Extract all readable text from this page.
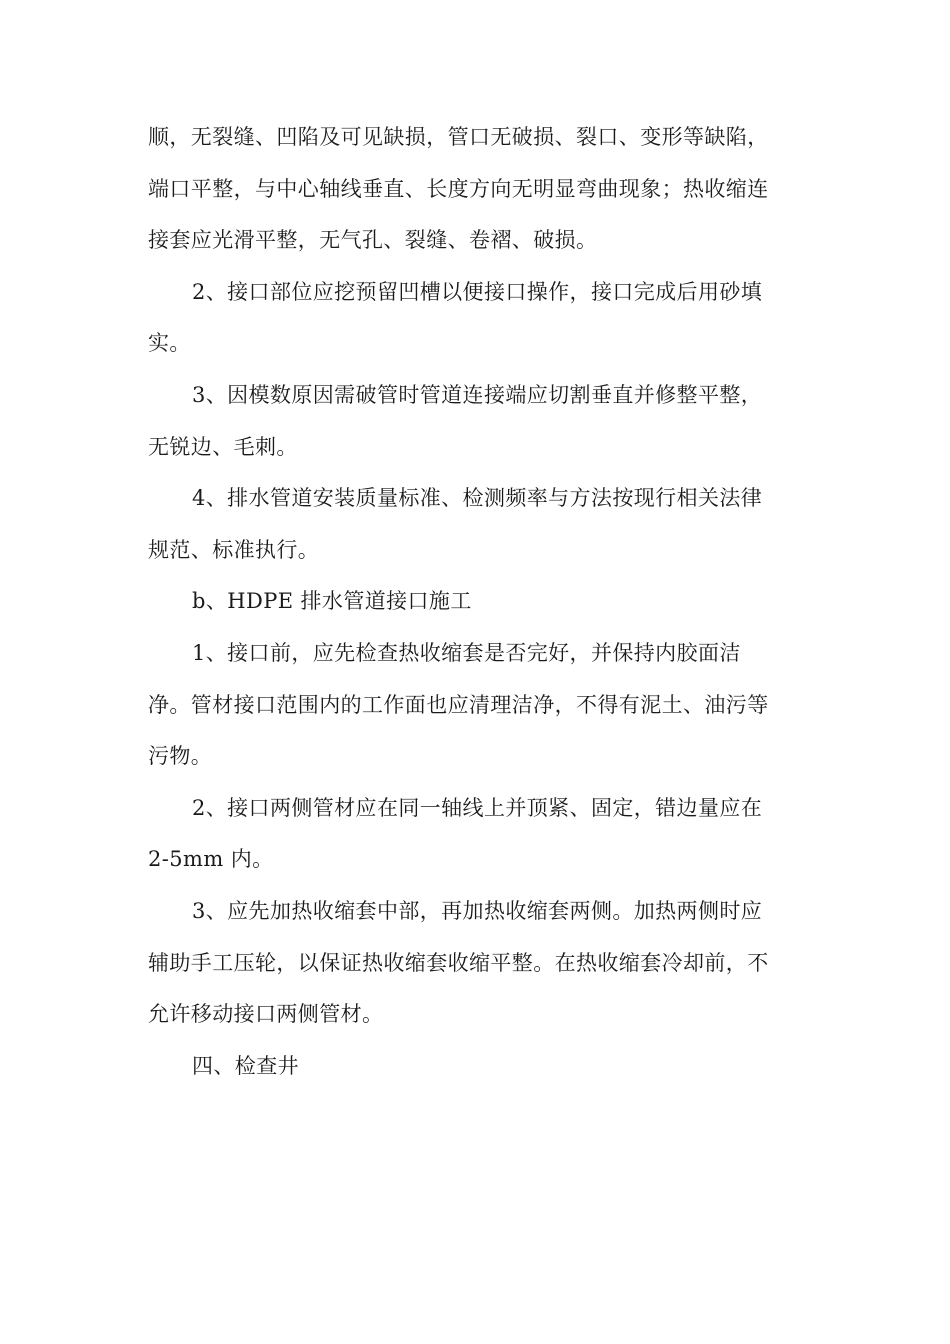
顺，无裂缝、凹陷及可见缺损，管口无破损、裂口、变形等缺陷，
端口平整，与中心轴线垂直、长度方向无明显弯曲现象；热收缩连
接套应光滑平整，无气孔、裂缝、卷褶、破损。
2、接口部位应挖预留凹槽以便接口操作，接口完成后用砂填
实。
3、因模数原因需破管时管道连接端应切割垂直并修整平整，
无锐边、毛刺。
4、排水管道安装质量标准、检测频率与方法按现行相关法律
规范、标准执行。
b、HDPE 排水管道接口施工
1、接口前，应先检查热收缩套是否完好，并保持内胶面洁
净。管材接口范围内的工作面也应清理洁净，不得有泥土、油污等
污物。
2、接口两侧管材应在同一轴线上并顶紧、固定，错边量应在
2-5mm 内。
3、应先加热收缩套中部，再加热收缩套两侧。加热两侧时应
辅助手工压轮，以保证热收缩套收缩平整。在热收缩套冷却前，不
允许移动接口两侧管材。
四、检查井
